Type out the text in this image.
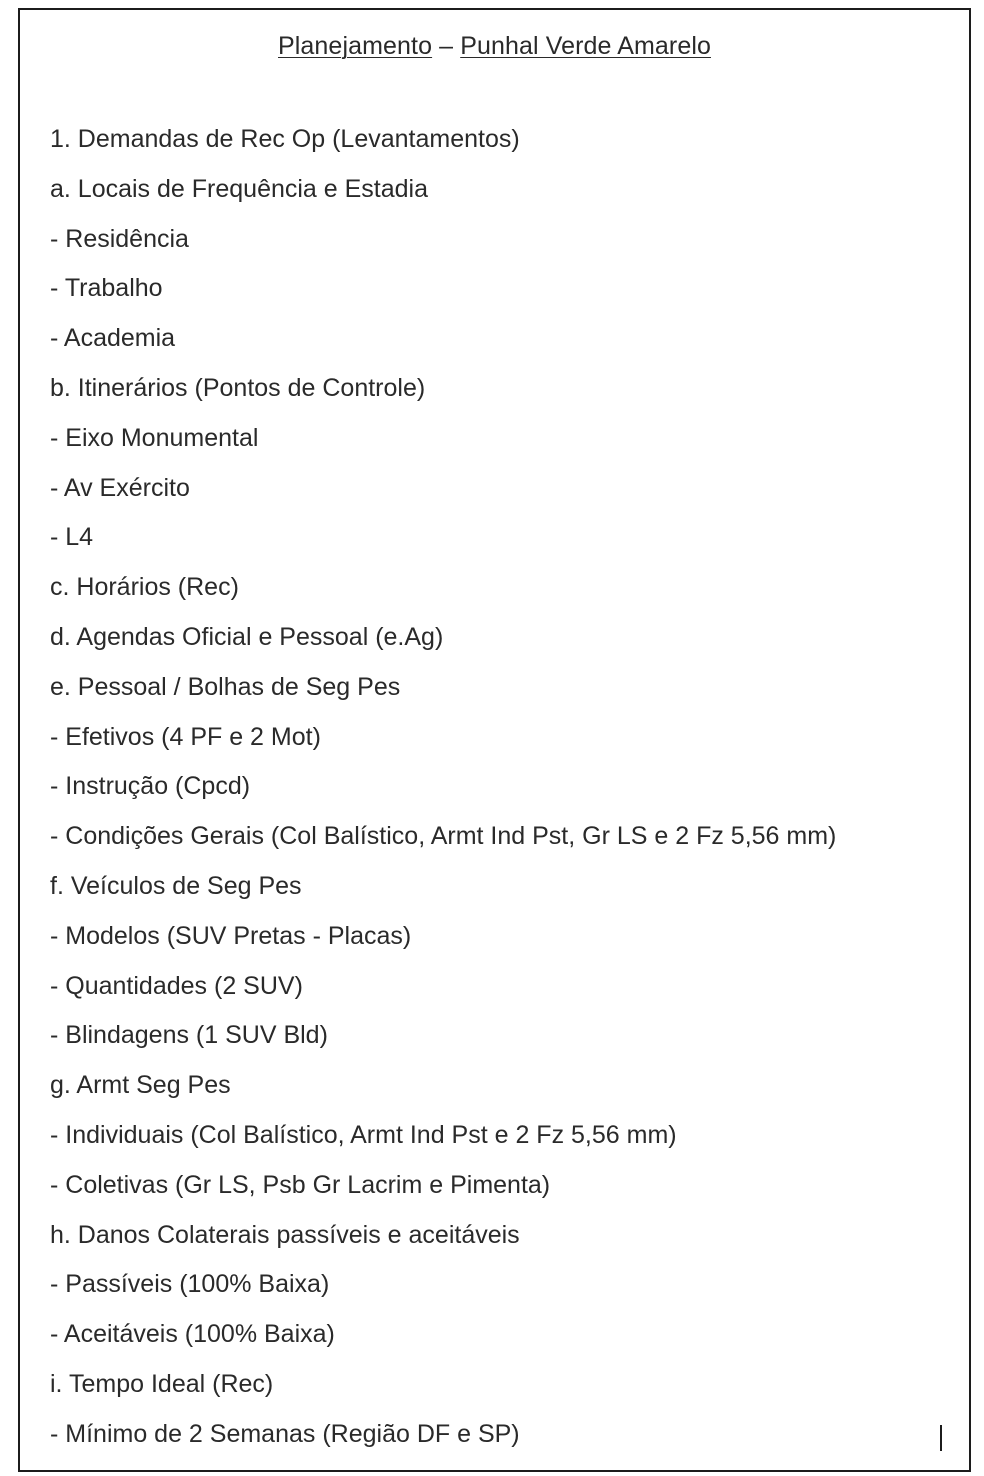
Planejamento – Punhal Verde Amarelo
1. Demandas de Rec Op (Levantamentos)
a. Locais de Frequência e Estadia
- Residência
- Trabalho
- Academia
b. Itinerários (Pontos de Controle)
- Eixo Monumental
- Av Exército
- L4
c. Horários (Rec)
d. Agendas Oficial e Pessoal (e.Ag)
e. Pessoal / Bolhas de Seg Pes
- Efetivos (4 PF e 2 Mot)
- Instrução (Cpcd)
- Condições Gerais (Col Balístico, Armt Ind Pst, Gr LS e 2 Fz 5,56 mm)
f. Veículos de Seg Pes
- Modelos (SUV Pretas - Placas)
- Quantidades (2 SUV)
- Blindagens (1 SUV Bld)
g. Armt Seg Pes
- Individuais (Col Balístico, Armt Ind Pst e 2 Fz 5,56 mm)
- Coletivas (Gr LS, Psb Gr Lacrim e Pimenta)
h. Danos Colaterais passíveis e aceitáveis
- Passíveis (100% Baixa)
- Aceitáveis (100% Baixa)
i. Tempo Ideal (Rec)
- Mínimo de 2 Semanas (Região DF e SP)
